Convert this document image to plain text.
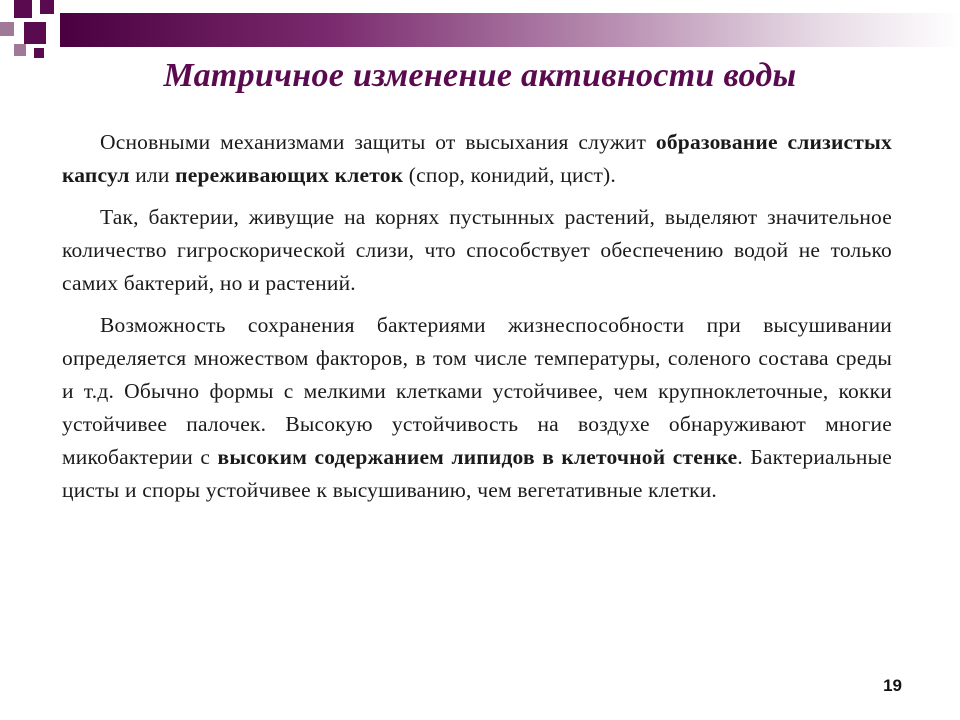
Матричное изменение активности воды

Основными механизмами защиты от высыхания служит образование слизистых капсул или переживающих клеток (спор, конидий, цист).

Так, бактерии, живущие на корнях пустынных растений, выделяют значительное количество гигроскорической слизи, что способствует обеспечению водой не только самих бактерий, но и растений.

Возможность сохранения бактериями жизнеспособности при высушивании определяется множеством факторов, в том числе температуры, соленого состава среды и т.д. Обычно формы с мелкими клетками устойчивее, чем крупноклеточные, кокки устойчивее палочек. Высокую устойчивость на воздухе обнаруживают многие микобактерии с высоким содержанием липидов в клеточной стенке. Бактериальные цисты и споры устойчивее к высушиванию, чем вегетативные клетки.

19
